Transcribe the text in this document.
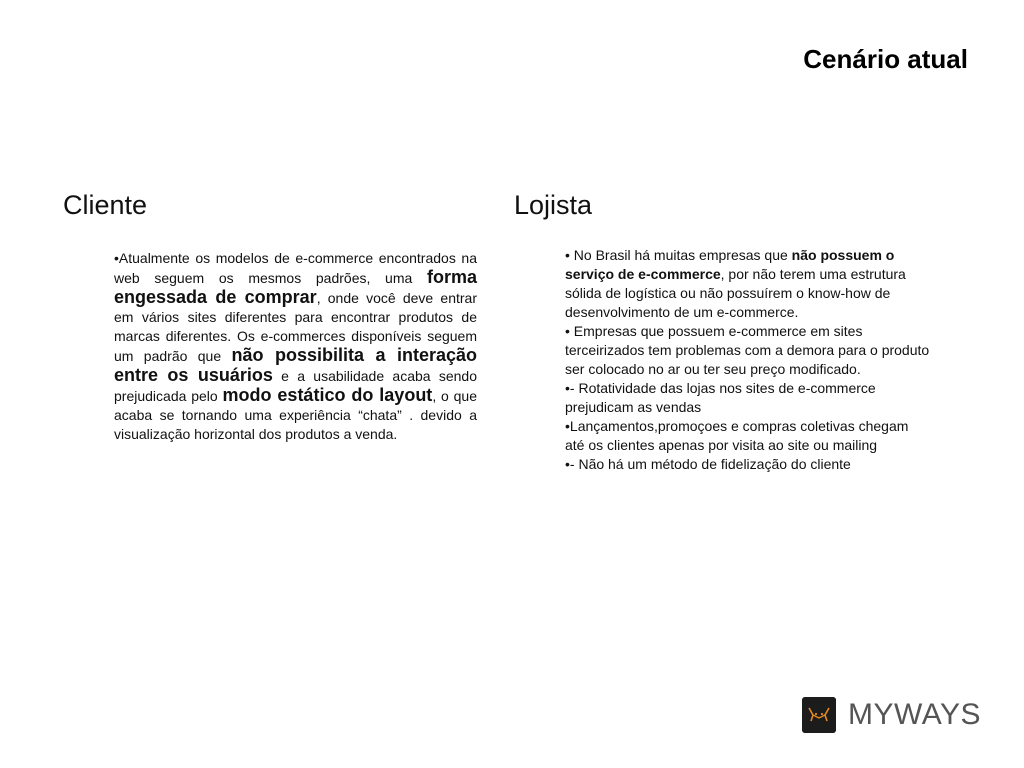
Cenário atual
Cliente	Lojista

•Atualmente os modelos de e-commerce encontrados na web seguem os mesmos padrões, uma forma engessada de comprar, onde você deve entrar em vários sites diferentes para encontrar produtos de marcas diferentes. Os e-commerces disponíveis seguem um padrão que não possibilita a interação entre os usuários e a usabilidade acaba sendo prejudicada pelo modo estático do layout, o que acaba se tornando uma experiência “chata” . devido a visualização horizontal dos produtos a venda.

• No Brasil há muitas empresas que não possuem o serviço de e-commerce, por não terem uma estrutura sólida de logística ou não possuírem o know-how de desenvolvimento de um e-commerce.
• Empresas que possuem e-commerce em sites terceirizados tem problemas com a demora para o produto ser colocado no ar ou ter seu preço modificado.
•- Rotatividade das lojas nos sites de e-commerce prejudicam as vendas
•Lançamentos,promoçoes e compras coletivas chegam até os clientes apenas por visita ao site ou mailing
•- Não há um método de fidelização do cliente
MYWAYS
